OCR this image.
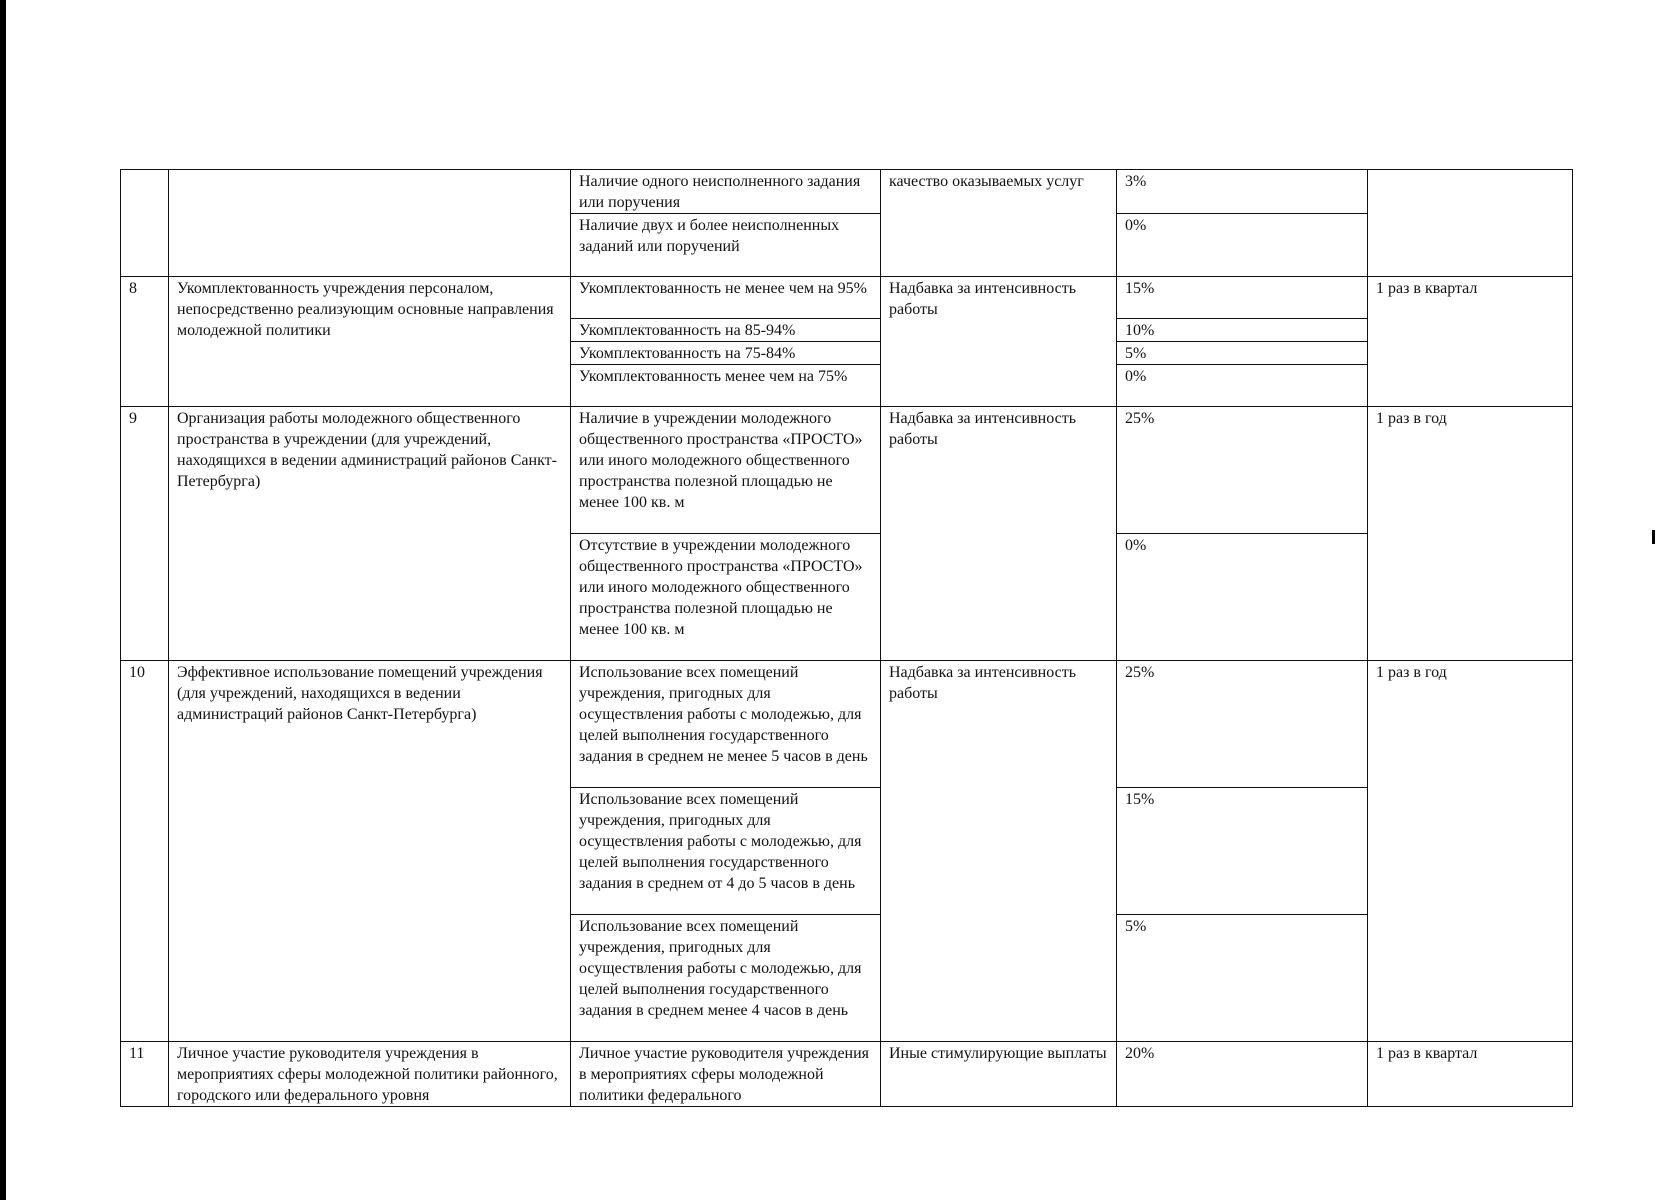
		Наличие одного неисполненного задания или поручения	качество оказываемых услуг	3%	
		Наличие двух и более неисполненных заданий или поручений		0%	
8	Укомплектованность учреждения персоналом, непосредственно реализующим основные направления молодежной политики	Укомплектованность не менее чем на 95%	Надбавка за интенсивность работы	15%	1 раз в квартал
		Укомплектованность на 85-94%		10%	
		Укомплектованность на 75-84%		5%	
		Укомплектованность менее чем на 75%		0%	
9	Организация работы молодежного общественного пространства в учреждении (для учреждений, находящихся в ведении администраций районов Санкт-Петербурга)	Наличие в учреждении молодежного общественного пространства «ПРОСТО» или иного молодежного общественного пространства полезной площадью не менее 100 кв. м	Надбавка за интенсивность работы	25%	1 раз в год
		Отсутствие в учреждении молодежного общественного пространства «ПРОСТО» или иного молодежного общественного пространства полезной площадью не менее 100 кв. м		0%	
10	Эффективное использование помещений учреждения (для учреждений, находящихся в ведении администраций районов Санкт-Петербурга)	Использование всех помещений учреждения, пригодных для осуществления работы с молодежью, для целей выполнения государственного задания в среднем не менее 5 часов в день	Надбавка за интенсивность работы	25%	1 раз в год
		Использование всех помещений учреждения, пригодных для осуществления работы с молодежью, для целей выполнения государственного задания в среднем от 4 до 5 часов в день		15%	
		Использование всех помещений учреждения, пригодных для осуществления работы с молодежью, для целей выполнения государственного задания в среднем менее 4 часов в день		5%	
11	Личное участие руководителя учреждения в мероприятиях сферы молодежной политики районного, городского или федерального уровня	Личное участие руководителя учреждения в мероприятиях сферы молодежной политики федерального	Иные стимулирующие выплаты	20%	1 раз в квартал
